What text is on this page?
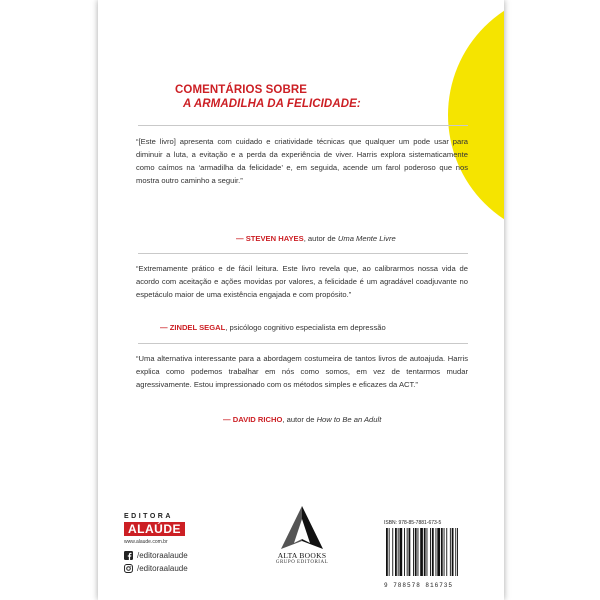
COMENTÁRIOS SOBRE
A ARMADILHA DA FELICIDADE:
“[Este livro] apresenta com cuidado e criatividade técnicas que qualquer um pode usar para diminuir a luta, a evitação e a perda da experiência de viver. Harris explora sistematicamente como caímos na ‘armadilha da felicidade’ e, em seguida, acende um farol poderoso que nos mostra outro caminho a seguir.”
— STEVEN HAYES, autor de Uma Mente Livre
“Extremamente prático e de fácil leitura. Este livro revela que, ao calibrarmos nossa vida de acordo com aceitação e ações movidas por valores, a felicidade é um agradável coadjuvante no espetáculo maior de uma existência engajada e com propósito.”
— ZINDEL SEGAL, psicólogo cognitivo especialista em depressão
“Uma alternativa interessante para a abordagem costumeira de tantos livros de autoajuda. Harris explica como podemos trabalhar em nós como somos, em vez de tentarmos mudar agressivamente. Estou impressionado com os métodos simples e eficazes da ACT.”
— DAVID RICHO, autor de How to Be an Adult
EDITORA
ALAÚDE
www.alaude.com.br
/editoraalaude
/editoraalaude
ALTA BOOKS
GRUPO EDITORIAL
ISBN: 978-85-7881-673-5
9 788578 816735
